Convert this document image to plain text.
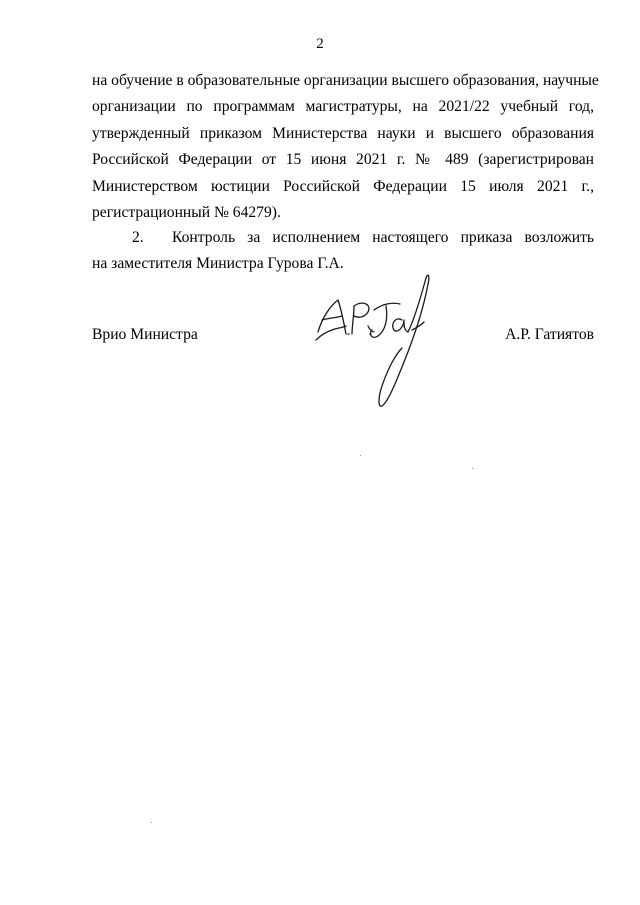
2
на обучение в образовательные организации высшего образования, научные
организации по программам магистратуры, на 2021/22 учебный год,
утвержденный приказом Министерства науки и высшего образования
Российской Федерации от 15 июня 2021 г. № 489 (зарегистрирован
Министерством юстиции Российской Федерации 15 июля 2021 г.,
регистрационный № 64279).
2. Контроль за исполнением настоящего приказа возложить
на заместителя Министра Гурова Г.А.
Врио Министра	А.Р. Гатиятов
